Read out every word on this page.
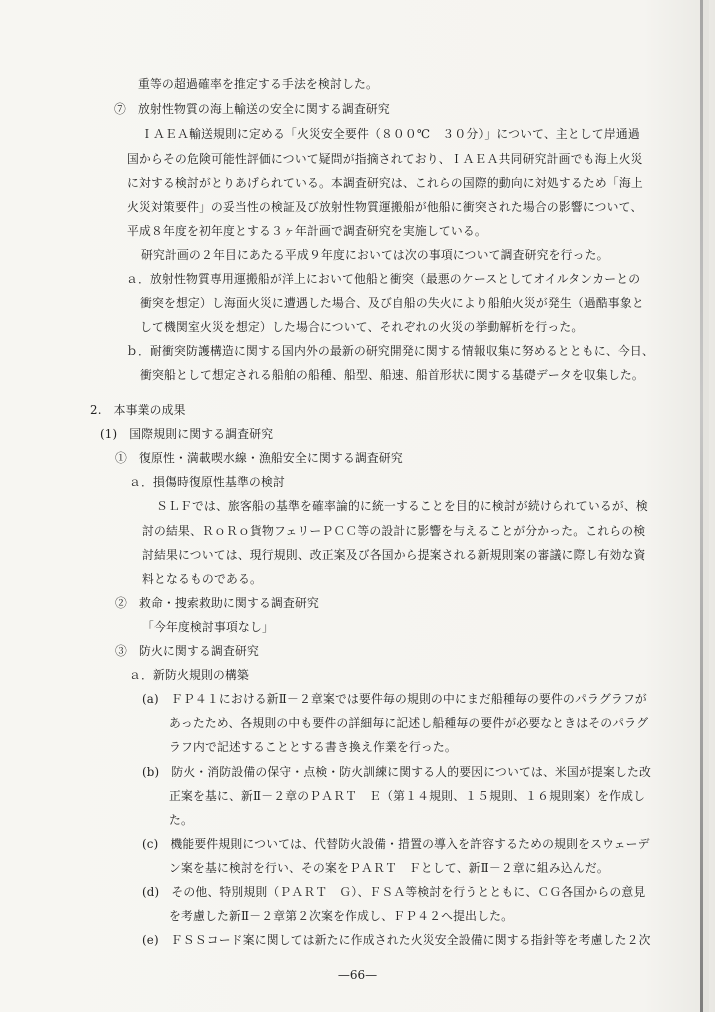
重等の超過確率を推定する手法を検討した。
⑦　放射性物質の海上輸送の安全に関する調査研究
ＩＡＥＡ輸送規則に定める「火災安全要件（８００℃　３０分）」について、主として岸通過
国からその危険可能性評価について疑問が指摘されており、ＩＡＥＡ共同研究計画でも海上火災
に対する検討がとりあげられている。本調査研究は、これらの国際的動向に対処するため「海上
火災対策要件」の妥当性の検証及び放射性物質運搬船が他船に衝突された場合の影響について、
平成８年度を初年度とする３ヶ年計画で調査研究を実施している。
研究計画の２年目にあたる平成９年度においては次の事項について調査研究を行った。
ａ．放射性物質専用運搬船が洋上において他船と衝突（最悪のケースとしてオイルタンカーとの
衝突を想定）し海面火災に遭遇した場合、及び自船の失火により船舶火災が発生（過酷事象と
して機関室火災を想定）した場合について、それぞれの火災の挙動解析を行った。
ｂ．耐衝突防護構造に関する国内外の最新の研究開発に関する情報収集に努めるとともに、今日、
衝突船として想定される船舶の船種、船型、船速、船首形状に関する基礎データを収集した。
2.　本事業の成果
(1)　国際規則に関する調査研究
①　復原性・満載喫水線・漁船安全に関する調査研究
ａ．損傷時復原性基準の検討
ＳＬＦでは、旅客船の基準を確率論的に統一することを目的に検討が続けられているが、検
討の結果、ＲｏＲｏ貨物フェリーＰＣＣ等の設計に影響を与えることが分かった。これらの検
討結果については、現行規則、改正案及び各国から提案される新規則案の審議に際し有効な資
料となるものである。
②　救命・捜索救助に関する調査研究
「今年度検討事項なし」
③　防火に関する調査研究
ａ．新防火規則の構築
(a)　ＦＰ４１における新Ⅱ－２章案では要件毎の規則の中にまだ船種毎の要件のパラグラフが
あったため、各規則の中も要件の詳細毎に記述し船種毎の要件が必要なときはそのパラグ
ラフ内で記述することとする書き換え作業を行った。
(b)　防火・消防設備の保守・点検・防火訓練に関する人的要因については、米国が提案した改
正案を基に、新Ⅱ－２章のＰＡＲＴ　Ｅ（第１４規則、１５規則、１６規則案）を作成し
た。
(c)　機能要件規則については、代替防火設備・措置の導入を許容するための規則をスウェーデ
ン案を基に検討を行い、その案をＰＡＲＴ　Ｆとして、新Ⅱ－２章に組み込んだ。
(d)　その他、特別規則（ＰＡＲＴ　Ｇ）、ＦＳＡ等検討を行うとともに、ＣＧ各国からの意見
を考慮した新Ⅱ－２章第２次案を作成し、ＦＰ４２へ提出した。
(e)　ＦＳＳコード案に関しては新たに作成された火災安全設備に関する指針等を考慮した２次
—66—
